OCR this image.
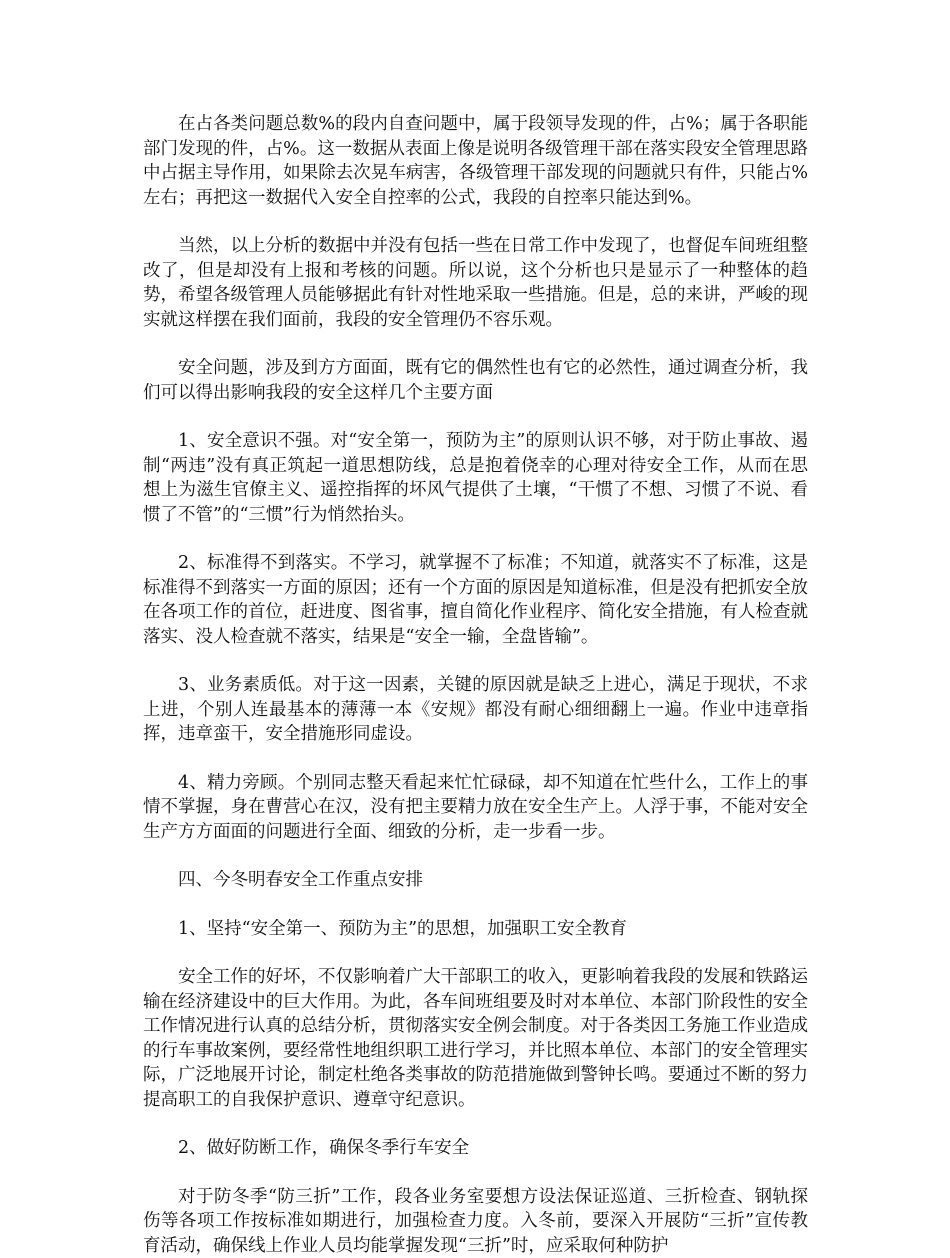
在占各类问题总数%的段内自查问题中，属于段领导发现的件，占%；属于各职能部门发现的件，占%。这一数据从表面上像是说明各级管理干部在落实段安全管理思路中占据主导作用，如果除去次晃车病害，各级管理干部发现的问题就只有件，只能占%左右；再把这一数据代入安全自控率的公式，我段的自控率只能达到%。

当然，以上分析的数据中并没有包括一些在日常工作中发现了，也督促车间班组整改了，但是却没有上报和考核的问题。所以说，这个分析也只是显示了一种整体的趋势，希望各级管理人员能够据此有针对性地采取一些措施。但是，总的来讲，严峻的现实就这样摆在我们面前，我段的安全管理仍不容乐观。

安全问题，涉及到方方面面，既有它的偶然性也有它的必然性，通过调查分析，我们可以得出影响我段的安全这样几个主要方面

1、安全意识不强。对“安全第一，预防为主”的原则认识不够，对于防止事故、遏制“两违”没有真正筑起一道思想防线，总是抱着侥幸的心理对待安全工作，从而在思想上为滋生官僚主义、遥控指挥的坏风气提供了土壤，“干惯了不想、习惯了不说、看惯了不管”的“三惯”行为悄然抬头。

2、标准得不到落实。不学习，就掌握不了标准；不知道，就落实不了标准，这是标准得不到落实一方面的原因；还有一个方面的原因是知道标准，但是没有把抓安全放在各项工作的首位，赶进度、图省事，擅自简化作业程序、简化安全措施，有人检查就落实、没人检查就不落实，结果是“安全一输，全盘皆输”。

3、业务素质低。对于这一因素，关键的原因就是缺乏上进心，满足于现状，不求上进，个别人连最基本的薄薄一本《安规》都没有耐心细细翻上一遍。作业中违章指挥，违章蛮干，安全措施形同虚设。

4、精力旁顾。个别同志整天看起来忙忙碌碌，却不知道在忙些什么，工作上的事情不掌握，身在曹营心在汉，没有把主要精力放在安全生产上。人浮于事，不能对安全生产方方面面的问题进行全面、细致的分析，走一步看一步。

四、今冬明春安全工作重点安排

1、坚持“安全第一、预防为主”的思想，加强职工安全教育

安全工作的好坏，不仅影响着广大干部职工的收入，更影响着我段的发展和铁路运输在经济建设中的巨大作用。为此，各车间班组要及时对本单位、本部门阶段性的安全工作情况进行认真的总结分析，贯彻落实安全例会制度。对于各类因工务施工作业造成的行车事故案例，要经常性地组织职工进行学习，并比照本单位、本部门的安全管理实际，广泛地展开讨论，制定杜绝各类事故的防范措施做到警钟长鸣。要通过不断的努力提高职工的自我保护意识、遵章守纪意识。

2、做好防断工作，确保冬季行车安全

对于防冬季“防三折”工作，段各业务室要想方设法保证巡道、三折检查、钢轨探伤等各项工作按标准如期进行，加强检查力度。入冬前，要深入开展防“三折”宣传教育活动，确保线上作业人员均能掌握发现“三折”时，应采取何种防护
